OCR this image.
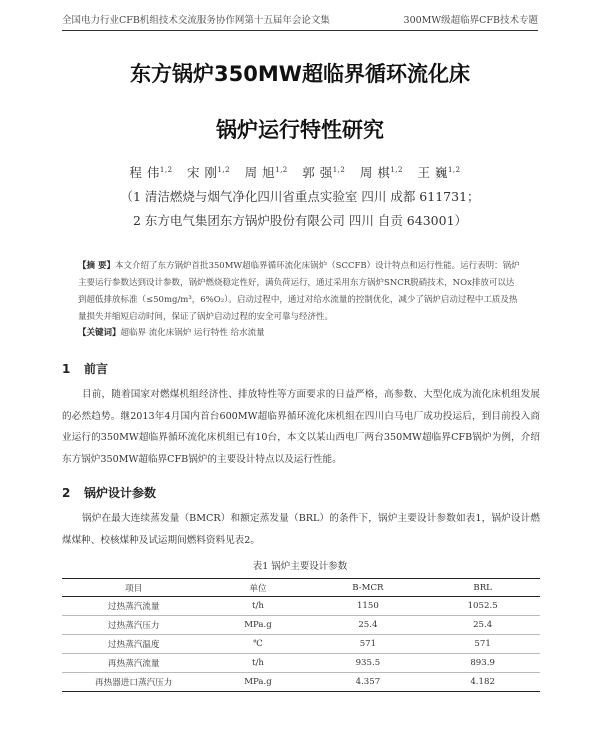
全国电力行业CFB机组技术交流服务协作网第十五届年会论文集	300MW级超临界CFB技术专题
东方锅炉350MW超临界循环流化床
锅炉运行特性研究
程 伟$^{1,2}$ 宋 刚$^{1,2}$ 周 旭$^{1,2}$ 郭 强$^{1,2}$ 周 棋$^{1,2}$ 王 巍$^{1,2}$
（1 清洁燃烧与烟气净化四川省重点实验室 四川 成都 611731；
2 东方电气集团东方锅炉股份有限公司 四川 自贡 643001）
【摘 要】本文介绍了东方锅炉首批350MW超临界循环流化床锅炉（SCCFB）设计特点和运行性能。运行表明：锅炉主要运行参数达到设计参数，锅炉燃烧稳定性好，满负荷运行，通过采用东方锅炉SNCR脱硝技术，NOx排放可以达到超低排放标准（≤50mg/m³，6%O₂）。启动过程中，通过对给水流量的控制优化，减少了锅炉启动过程中工质及热量损失并缩短启动时间，保证了锅炉启动过程的安全可靠与经济性。
【关键词】超临界 流化床锅炉 运行特性 给水流量
1 前言
目前，随着国家对燃煤机组经济性、排放特性等方面要求的日益严格，高参数、大型化成为流化床机组发展的必然趋势。继2013年4月国内首台600MW超临界循环流化床机组在四川白马电厂成功投运后，到目前投入商业运行的350MW超临界循环流化床机组已有10台，本文以某山西电厂两台350MW超临界CFB锅炉为例，介绍东方锅炉350MW超临界CFB锅炉的主要设计特点以及运行性能。
2 锅炉设计参数
锅炉在最大连续蒸发量（BMCR）和额定蒸发量（BRL）的条件下，锅炉主要设计参数如表1，锅炉设计燃煤煤种、校核煤种及试运期间燃料资料见表2。
表1 锅炉主要设计参数
项目	单位	B-MCR	BRL
过热蒸汽流量	t/h	1150	1052.5
过热蒸汽压力	MPa.g	25.4	25.4
过热蒸汽温度	℃	571	571
再热蒸汽流量	t/h	935.5	893.9
再热器进口蒸汽压力	MPa.g	4.357	4.182
